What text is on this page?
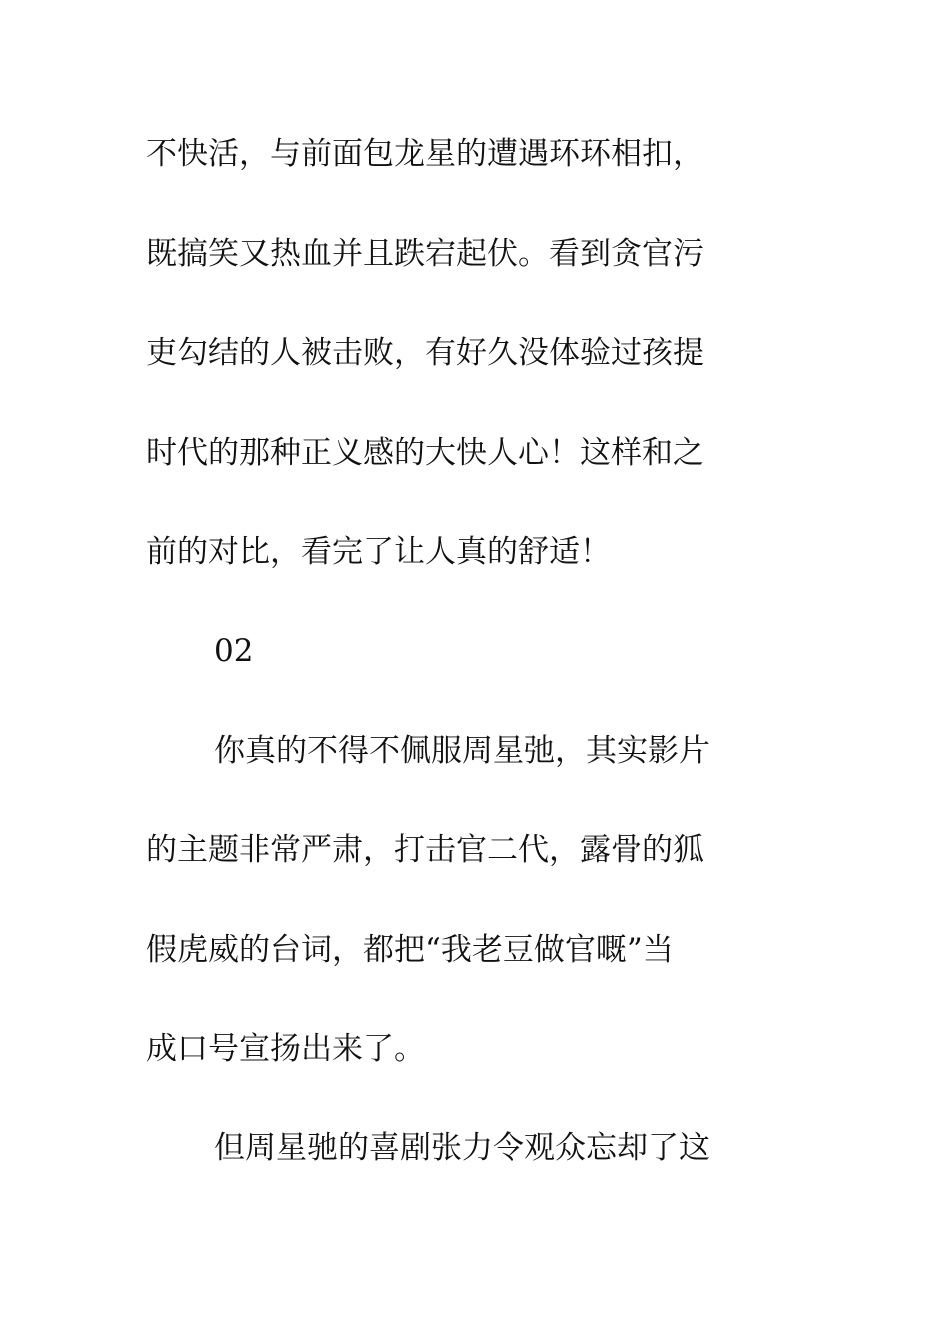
不快活，与前面包龙星的遭遇环环相扣，
既搞笑又热血并且跌宕起伏。看到贪官污
吏勾结的人被击败，有好久没体验过孩提
时代的那种正义感的大快人心！这样和之
前的对比，看完了让人真的舒适！
02
你真的不得不佩服周星弛，其实影片
的主题非常严肃，打击官二代，露骨的狐
假虎威的台词，都把“我老豆做官嘅”当
成口号宣扬出来了。
但周星驰的喜剧张力令观众忘却了这
